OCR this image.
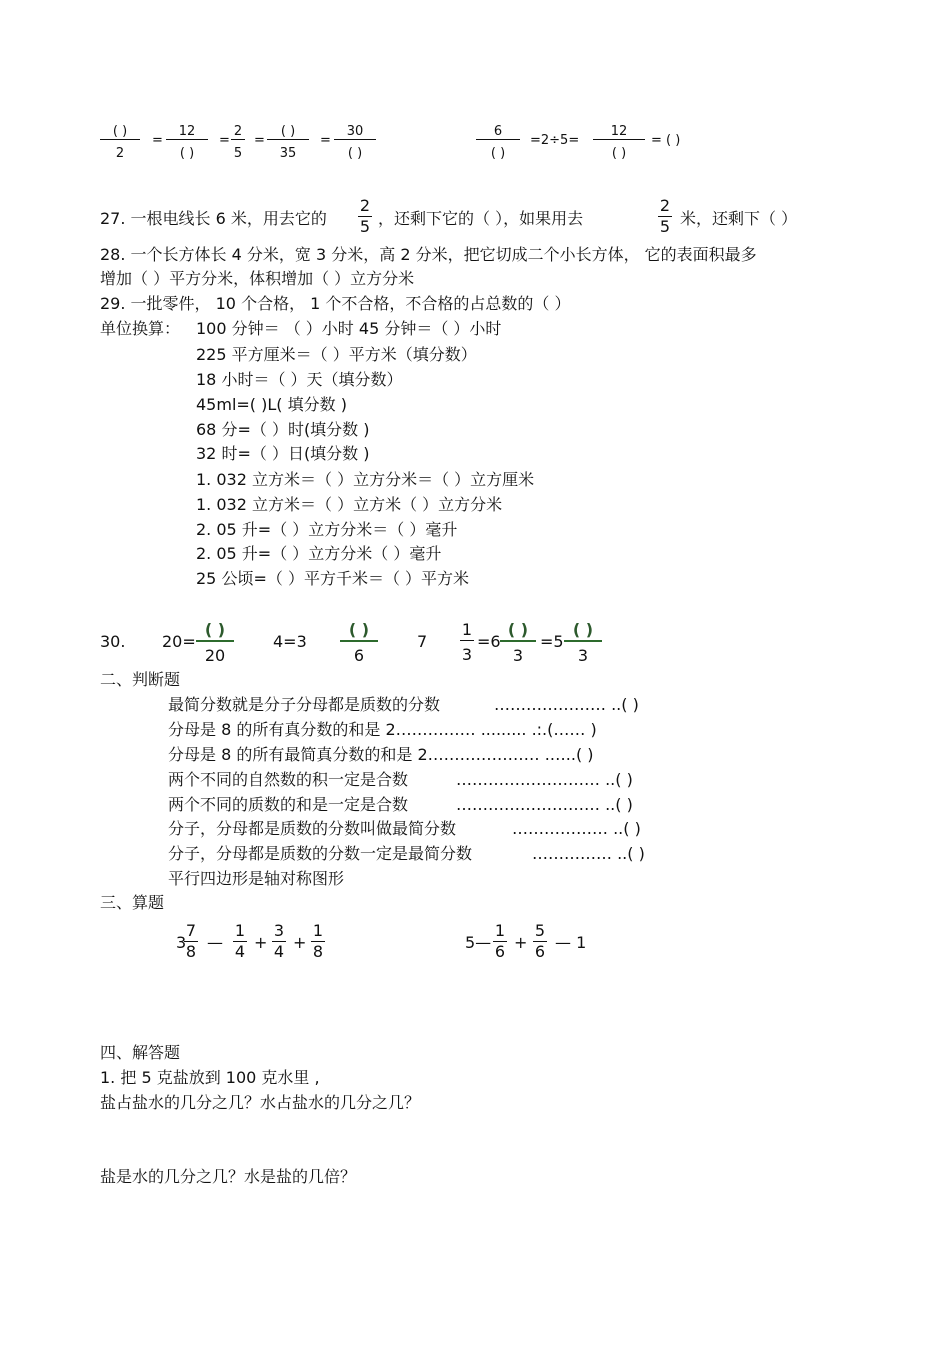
( )
2
=
12
( )
=
2
5
=
( )
35
=
30
( )
6
( )
=2÷5=
12
( )
= ( )
27. 一根电线长 6 米，用去它的
2
5 ，还剩下它的（ ），如果用去
2
5 米，还剩下（ ）
28. 一个长方体长 4 分米，宽 3 分米，高 2 分米，把它切成二个小长方体， 它的表面积最多
增加（ ）平方分米，体积增加（ ）立方分米
29. 一批零件， 10 个合格， 1 个不合格，不合格的占总数的（ ）
单位换算： 100 分钟＝ （ ）小时 45 分钟＝（ ）小时
225 平方厘米＝（ ）平方米（填分数）
18 小时＝（ ）天（填分数）
45ml=( )L( 填分数 )
68 分=（ ）时(填分数 )
32 时=（ ）日(填分数 )
1. 032 立方米＝（ ）立方分米＝（ ）立方厘米
1. 032 立方米＝（ ）立方米（ ）立方分米
2. 05 升=（ ）立方分米＝（ ）毫升
2. 05 升=（ ）立方分米（ ）毫升
25 公顷=（ ）平方千米＝（ ）平方米
30. 20=
( )
20
4=3
( )
6
7
1
3
=6
( )
3
=5
( )
3
二、判断题
最简分数就是分子分母都是质数的分数	………………… ..( )
分母是 8 的所有真分数的和是 2…………… ......... .:.(…… )
分母是 8 的所有最简真分数的和是 2………………… .…..( )
两个不同的自然数的积一定是合数	……………………… ..( )
两个不同的质数的和是一定是合数	……………………… ..( )
分子，分母都是质数的分数叫做最简分数	……………… ..( )
分子，分母都是质数的分数一定是最简分数	…………… ..( )
平行四边形是轴对称图形
三、算题
3
7
8 —
1
4 +
3
4 +
1
8	5—
1
6 +
5
6 — 1
四、解答题
1. 把 5 克盐放到 100 克水里 ,
盐占盐水的几分之几？水占盐水的几分之几？
盐是水的几分之几？水是盐的几倍？
